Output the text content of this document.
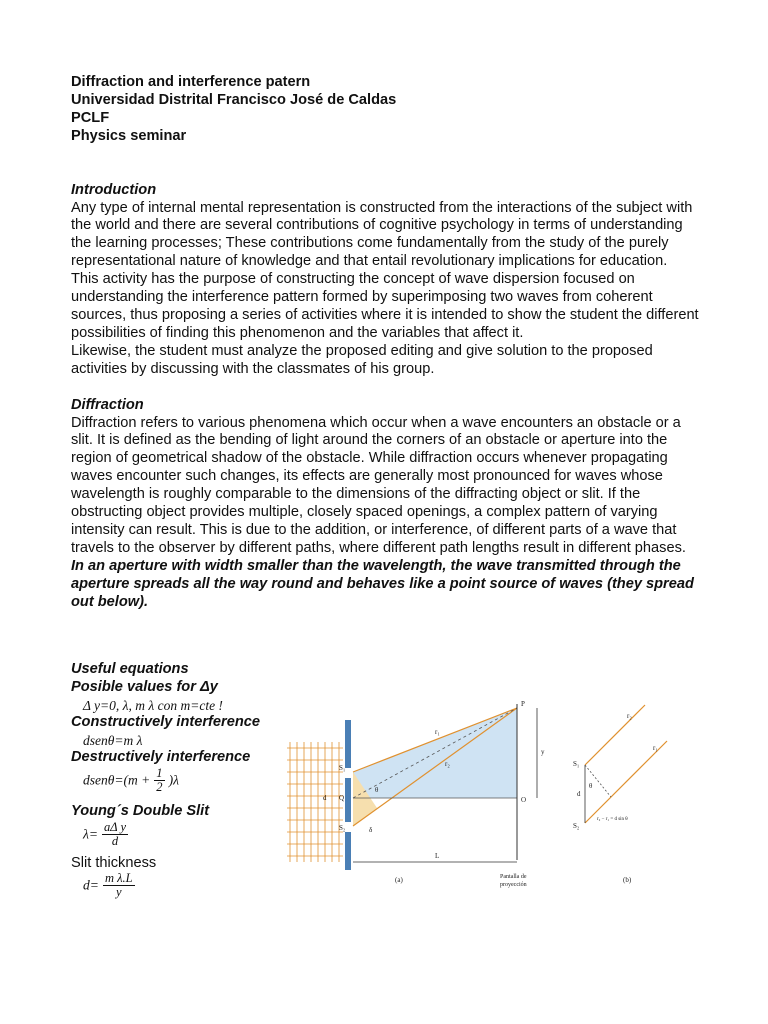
Diffraction and interference patern
Universidad Distrital Francisco José de Caldas
PCLF
Physics seminar
Introduction

Any type of internal mental representation is constructed from the interactions of the subject with the world and there are several contributions of cognitive psychology in terms of understanding the learning processes; These contributions come fundamentally from the study of the purely representational nature of knowledge and that entail revolutionary implications for education.

This activity has the purpose of constructing the concept of wave dispersion focused on understanding the interference pattern formed by superimposing two waves from coherent sources, thus proposing a series of activities where it is intended to show the student the different possibilities of finding this phenomenon and the variables that affect it.

Likewise, the student must analyze the proposed editing and give solution to the proposed activities by discussing with the classmates of his group.

Diffraction

Diffraction refers to various phenomena which occur when a wave encounters an obstacle or a slit. It is defined as the bending of light around the corners of an obstacle or aperture into the region of geometrical shadow of the obstacle. While diffraction occurs whenever propagating waves encounter such changes, its effects are generally most pronounced for waves whose wavelength is roughly comparable to the dimensions of the diffracting object or slit. If the obstructing object provides multiple, closely spaced openings, a complex pattern of varying intensity can result. This is due to the addition, or interference, of different parts of a wave that travels to the observer by different paths, where different path lengths result in different phases.

In an aperture with width smaller than the wavelength, the wave transmitted through the aperture spreads all the way round and behaves like a point source of waves (they spread out below).

Useful equations
Posible values for Δy
Δ y=0, λ, m λ con m=cte !
Constructively interference
dsenθ=m λ
Destructively interference
dsenθ=(m + $\frac{1}{2} )\lambda$
Young´s Double Slit
$\lambda= \frac{\text{aΔ y}}{d}$
Slit thickness
$d= \frac{\text{m λ.L}}{y}$
S₁
Q
S₂
d
P
O
y
L
θ
δ
r₁
r₂
(a)	Pantalla de
proyección
S₁
S₂
d
θ
r₂
r₁
r₂ − r₁ = d sin θ
(b)
